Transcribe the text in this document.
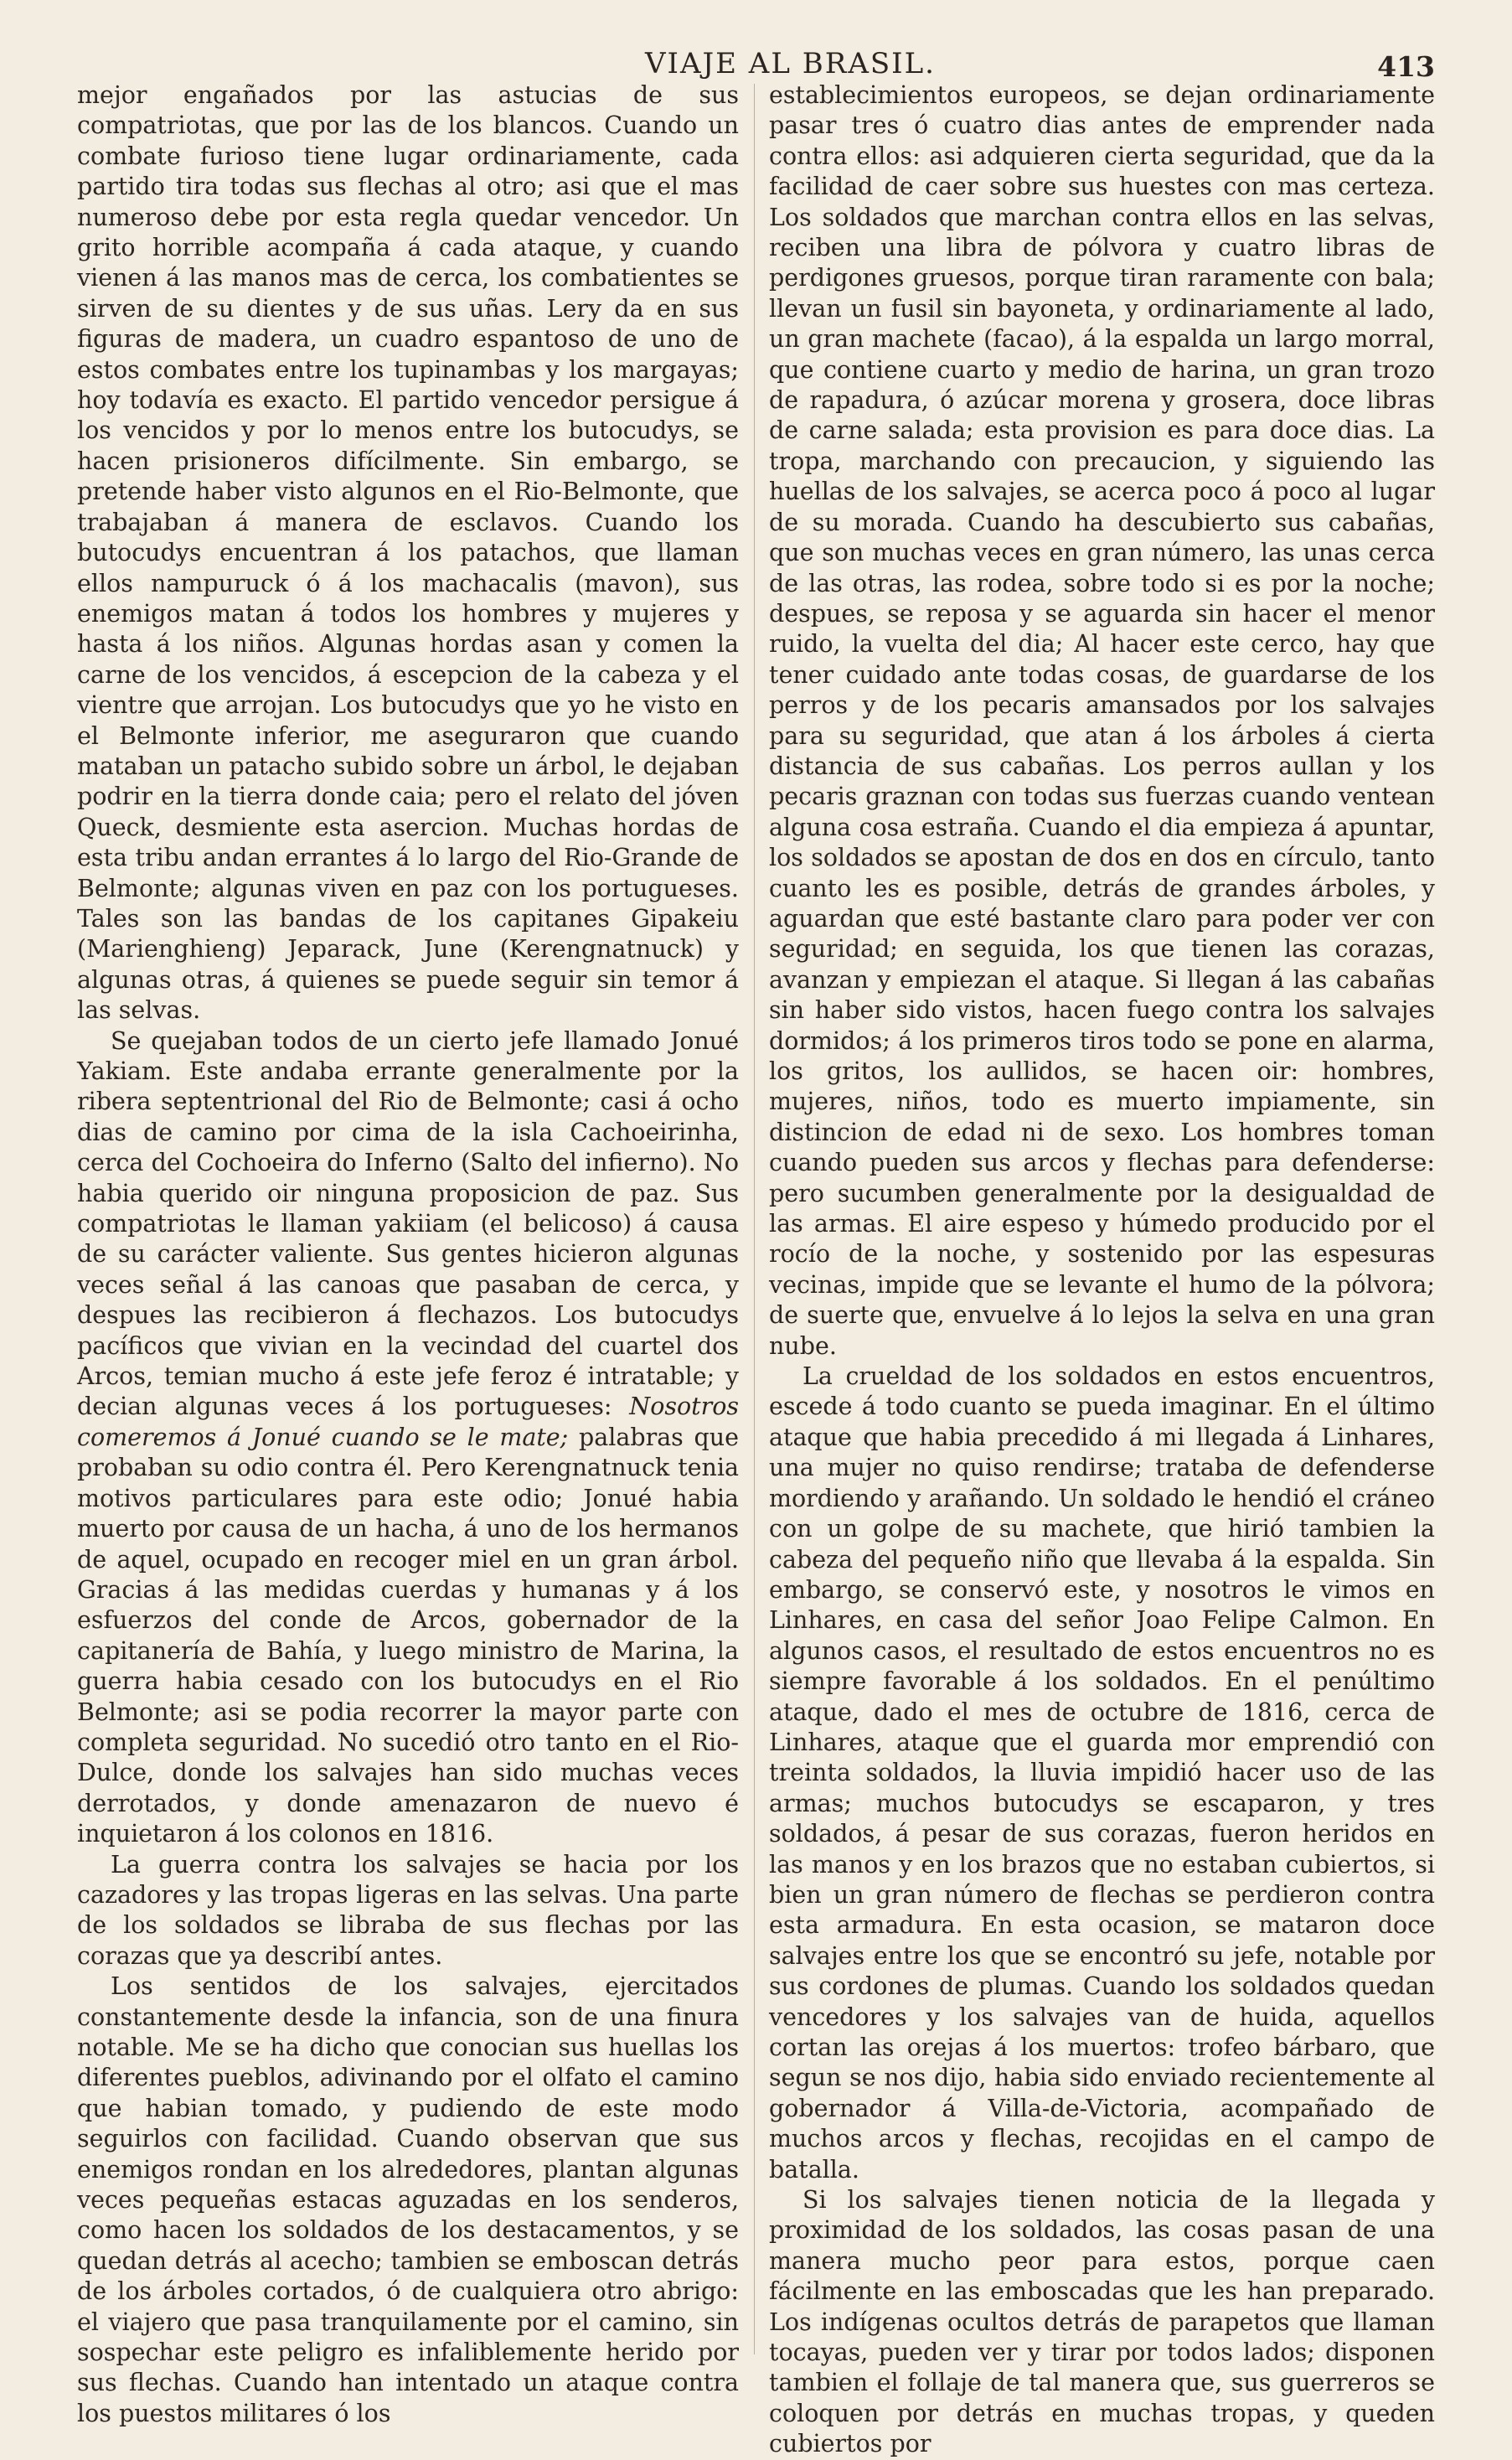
VIAJE AL BRASIL.	413

mejor engañados por las astucias de sus compatriotas, que por las de los blancos. Cuando un combate furioso tiene lugar ordinariamente, cada partido tira todas sus flechas al otro; asi que el mas numeroso debe por esta regla quedar vencedor. Un grito horrible acompaña á cada ataque, y cuando vienen á las manos mas de cerca, los combatientes se sirven de su dientes y de sus uñas. Lery da en sus figuras de madera, un cuadro espantoso de uno de estos combates entre los tupinambas y los margayas; hoy todavía es exacto. El partido vencedor persigue á los vencidos y por lo menos entre los butocudys, se hacen prisioneros difícilmente. Sin embargo, se pretende haber visto algunos en el Rio-Belmonte, que trabajaban á manera de esclavos. Cuando los butocudys encuentran á los patachos, que llaman ellos nampuruck ó á los machacalis (mavon), sus enemigos matan á todos los hombres y mujeres y hasta á los niños. Algunas hordas asan y comen la carne de los vencidos, á escepcion de la cabeza y el vientre que arrojan. Los butocudys que yo he visto en el Belmonte inferior, me aseguraron que cuando mataban un patacho subido sobre un árbol, le dejaban podrir en la tierra donde caia; pero el relato del jóven Queck, desmiente esta asercion. Muchas hordas de esta tribu andan errantes á lo largo del Rio-Grande de Belmonte; algunas viven en paz con los portugueses. Tales son las bandas de los capitanes Gipakeiu (Marienghieng) Jeparack, June (Kerengnatnuck) y algunas otras, á quienes se puede seguir sin temor á las selvas.

Se quejaban todos de un cierto jefe llamado Jonué Yakiam. Este andaba errante generalmente por la ribera septentrional del Rio de Belmonte; casi á ocho dias de camino por cima de la isla Cachoeirinha, cerca del Cochoeira do Inferno (Salto del infierno). No habia querido oir ninguna proposicion de paz. Sus compatriotas le llaman yakiiam (el belicoso) á causa de su carácter valiente. Sus gentes hicieron algunas veces señal á las canoas que pasaban de cerca, y despues las recibieron á flechazos. Los butocudys pacíficos que vivian en la vecindad del cuartel dos Arcos, temian mucho á este jefe feroz é intratable; y decian algunas veces á los portugueses: Nosotros comeremos á Jonué cuando se le mate; palabras que probaban su odio contra él. Pero Kerengnatnuck tenia motivos particulares para este odio; Jonué habia muerto por causa de un hacha, á uno de los hermanos de aquel, ocupado en recoger miel en un gran árbol. Gracias á las medidas cuerdas y humanas y á los esfuerzos del conde de Arcos, gobernador de la capitanería de Bahía, y luego ministro de Marina, la guerra habia cesado con los butocudys en el Rio Belmonte; asi se podia recorrer la mayor parte con completa seguridad. No sucedió otro tanto en el Rio-Dulce, donde los salvajes han sido muchas veces derrotados, y donde amenazaron de nuevo é inquietaron á los colonos en 1816.

La guerra contra los salvajes se hacia por los cazadores y las tropas ligeras en las selvas. Una parte de los soldados se libraba de sus flechas por las corazas que ya describí antes.

Los sentidos de los salvajes, ejercitados constantemente desde la infancia, son de una finura notable. Me se ha dicho que conocian sus huellas los diferentes pueblos, adivinando por el olfato el camino que habian tomado, y pudiendo de este modo seguirlos con facilidad. Cuando observan que sus enemigos rondan en los alrededores, plantan algunas veces pequeñas estacas aguzadas en los senderos, como hacen los soldados de los destacamentos, y se quedan detrás al acecho; tambien se emboscan detrás de los árboles cortados, ó de cualquiera otro abrigo: el viajero que pasa tranquilamente por el camino, sin sospechar este peligro es infaliblemente herido por sus flechas. Cuando han intentado un ataque contra los puestos militares ó los

establecimientos europeos, se dejan ordinariamente pasar tres ó cuatro dias antes de emprender nada contra ellos: asi adquieren cierta seguridad, que da la facilidad de caer sobre sus huestes con mas certeza. Los soldados que marchan contra ellos en las selvas, reciben una libra de pólvora y cuatro libras de perdigones gruesos, porque tiran raramente con bala; llevan un fusil sin bayoneta, y ordinariamente al lado, un gran machete (facao), á la espalda un largo morral, que contiene cuarto y medio de harina, un gran trozo de rapadura, ó azúcar morena y grosera, doce libras de carne salada; esta provision es para doce dias. La tropa, marchando con precaucion, y siguiendo las huellas de los salvajes, se acerca poco á poco al lugar de su morada. Cuando ha descubierto sus cabañas, que son muchas veces en gran número, las unas cerca de las otras, las rodea, sobre todo si es por la noche; despues, se reposa y se aguarda sin hacer el menor ruido, la vuelta del dia; Al hacer este cerco, hay que tener cuidado ante todas cosas, de guardarse de los perros y de los pecaris amansados por los salvajes para su seguridad, que atan á los árboles á cierta distancia de sus cabañas. Los perros aullan y los pecaris graznan con todas sus fuerzas cuando ventean alguna cosa estraña. Cuando el dia empieza á apuntar, los soldados se apostan de dos en dos en círculo, tanto cuanto les es posible, detrás de grandes árboles, y aguardan que esté bastante claro para poder ver con seguridad; en seguida, los que tienen las corazas, avanzan y empiezan el ataque. Si llegan á las cabañas sin haber sido vistos, hacen fuego contra los salvajes dormidos; á los primeros tiros todo se pone en alarma, los gritos, los aullidos, se hacen oir: hombres, mujeres, niños, todo es muerto impiamente, sin distincion de edad ni de sexo. Los hombres toman cuando pueden sus arcos y flechas para defenderse: pero sucumben generalmente por la desigualdad de las armas. El aire espeso y húmedo producido por el rocío de la noche, y sostenido por las espesuras vecinas, impide que se levante el humo de la pólvora; de suerte que, envuelve á lo lejos la selva en una gran nube.

La crueldad de los soldados en estos encuentros, escede á todo cuanto se pueda imaginar. En el último ataque que habia precedido á mi llegada á Linhares, una mujer no quiso rendirse; trataba de defenderse mordiendo y arañando. Un soldado le hendió el cráneo con un golpe de su machete, que hirió tambien la cabeza del pequeño niño que llevaba á la espalda. Sin embargo, se conservó este, y nosotros le vimos en Linhares, en casa del señor Joao Felipe Calmon. En algunos casos, el resultado de estos encuentros no es siempre favorable á los soldados. En el penúltimo ataque, dado el mes de octubre de 1816, cerca de Linhares, ataque que el guarda mor emprendió con treinta soldados, la lluvia impidió hacer uso de las armas; muchos butocudys se escaparon, y tres soldados, á pesar de sus corazas, fueron heridos en las manos y en los brazos que no estaban cubiertos, si bien un gran número de flechas se perdieron contra esta armadura. En esta ocasion, se mataron doce salvajes entre los que se encontró su jefe, notable por sus cordones de plumas. Cuando los soldados quedan vencedores y los salvajes van de huida, aquellos cortan las orejas á los muertos: trofeo bárbaro, que segun se nos dijo, habia sido enviado recientemente al gobernador á Villa-de-Victoria, acompañado de muchos arcos y flechas, recojidas en el campo de batalla.

Si los salvajes tienen noticia de la llegada y proximidad de los soldados, las cosas pasan de una manera mucho peor para estos, porque caen fácilmente en las emboscadas que les han preparado. Los indígenas ocultos detrás de parapetos que llaman tocayas, pueden ver y tirar por todos lados; disponen tambien el follaje de tal manera que, sus guerreros se coloquen por detrás en muchas tropas, y queden cubiertos por
